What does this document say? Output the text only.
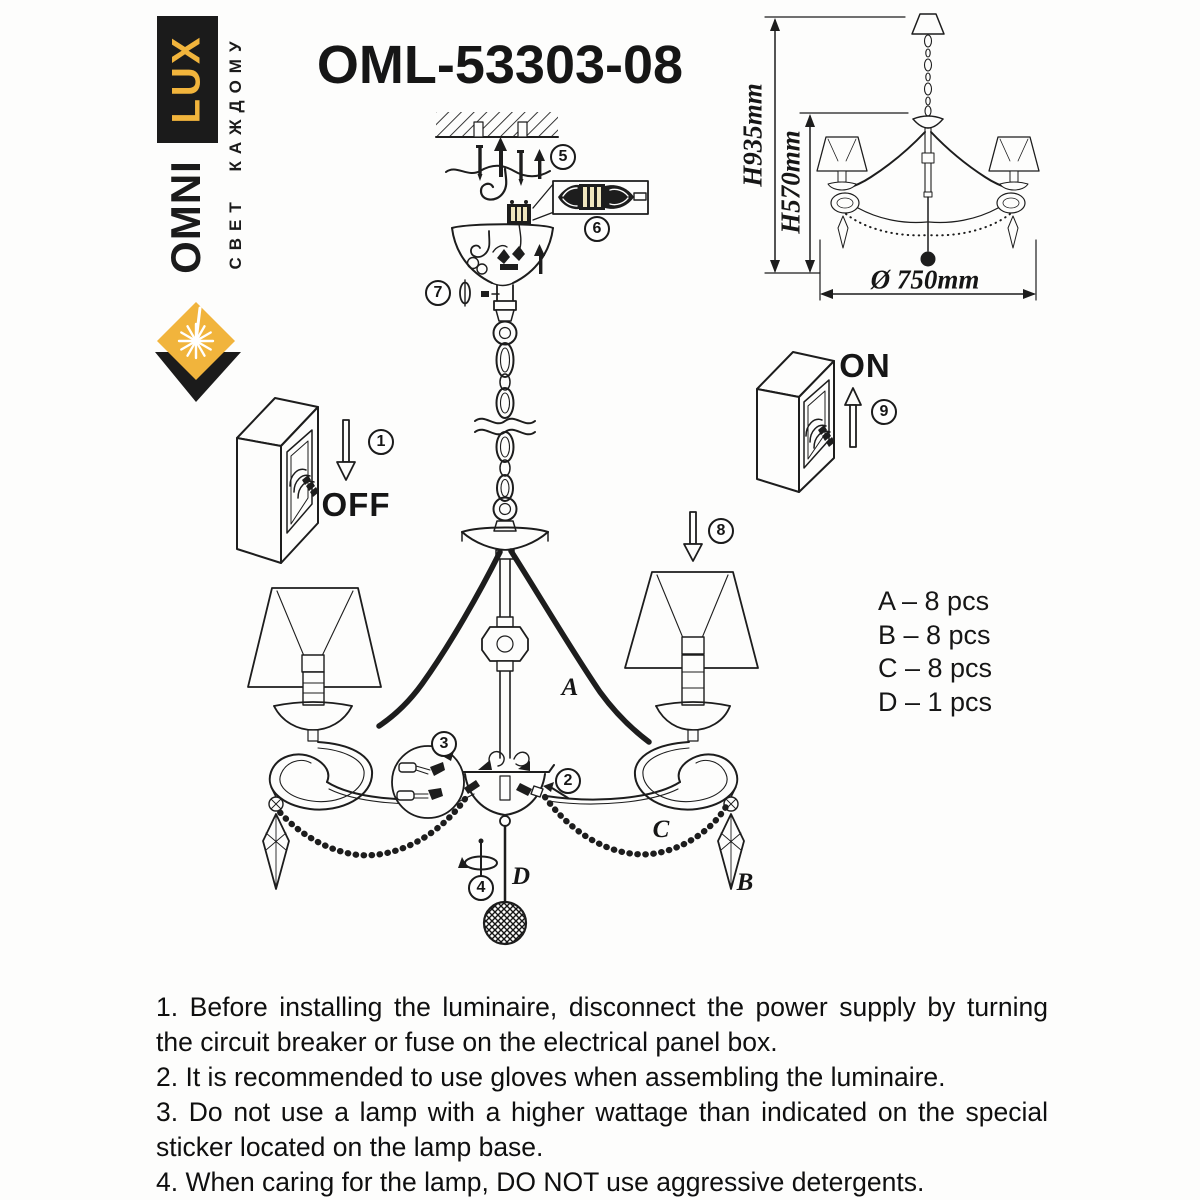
LUX
OMNI СВЕТ КАЖДОМУ	OML-53303-08
H935mm H570mm
Ø 750mm
OFF
ON
1
2
3
4
5
6
7
8
9
A
B
C
D
A – 8 pcs
B – 8 pcs
C – 8 pcs
D – 1 pcs

1. Before installing the luminaire, disconnect the power supply by turning the circuit breaker or fuse on the electrical panel box.

2. It is recommended to use gloves when assembling the luminaire.

3. Do not use a lamp with a higher wattage than indicated on the special sticker located on the lamp base.

4. When caring for the lamp, DO NOT use aggressive detergents.
